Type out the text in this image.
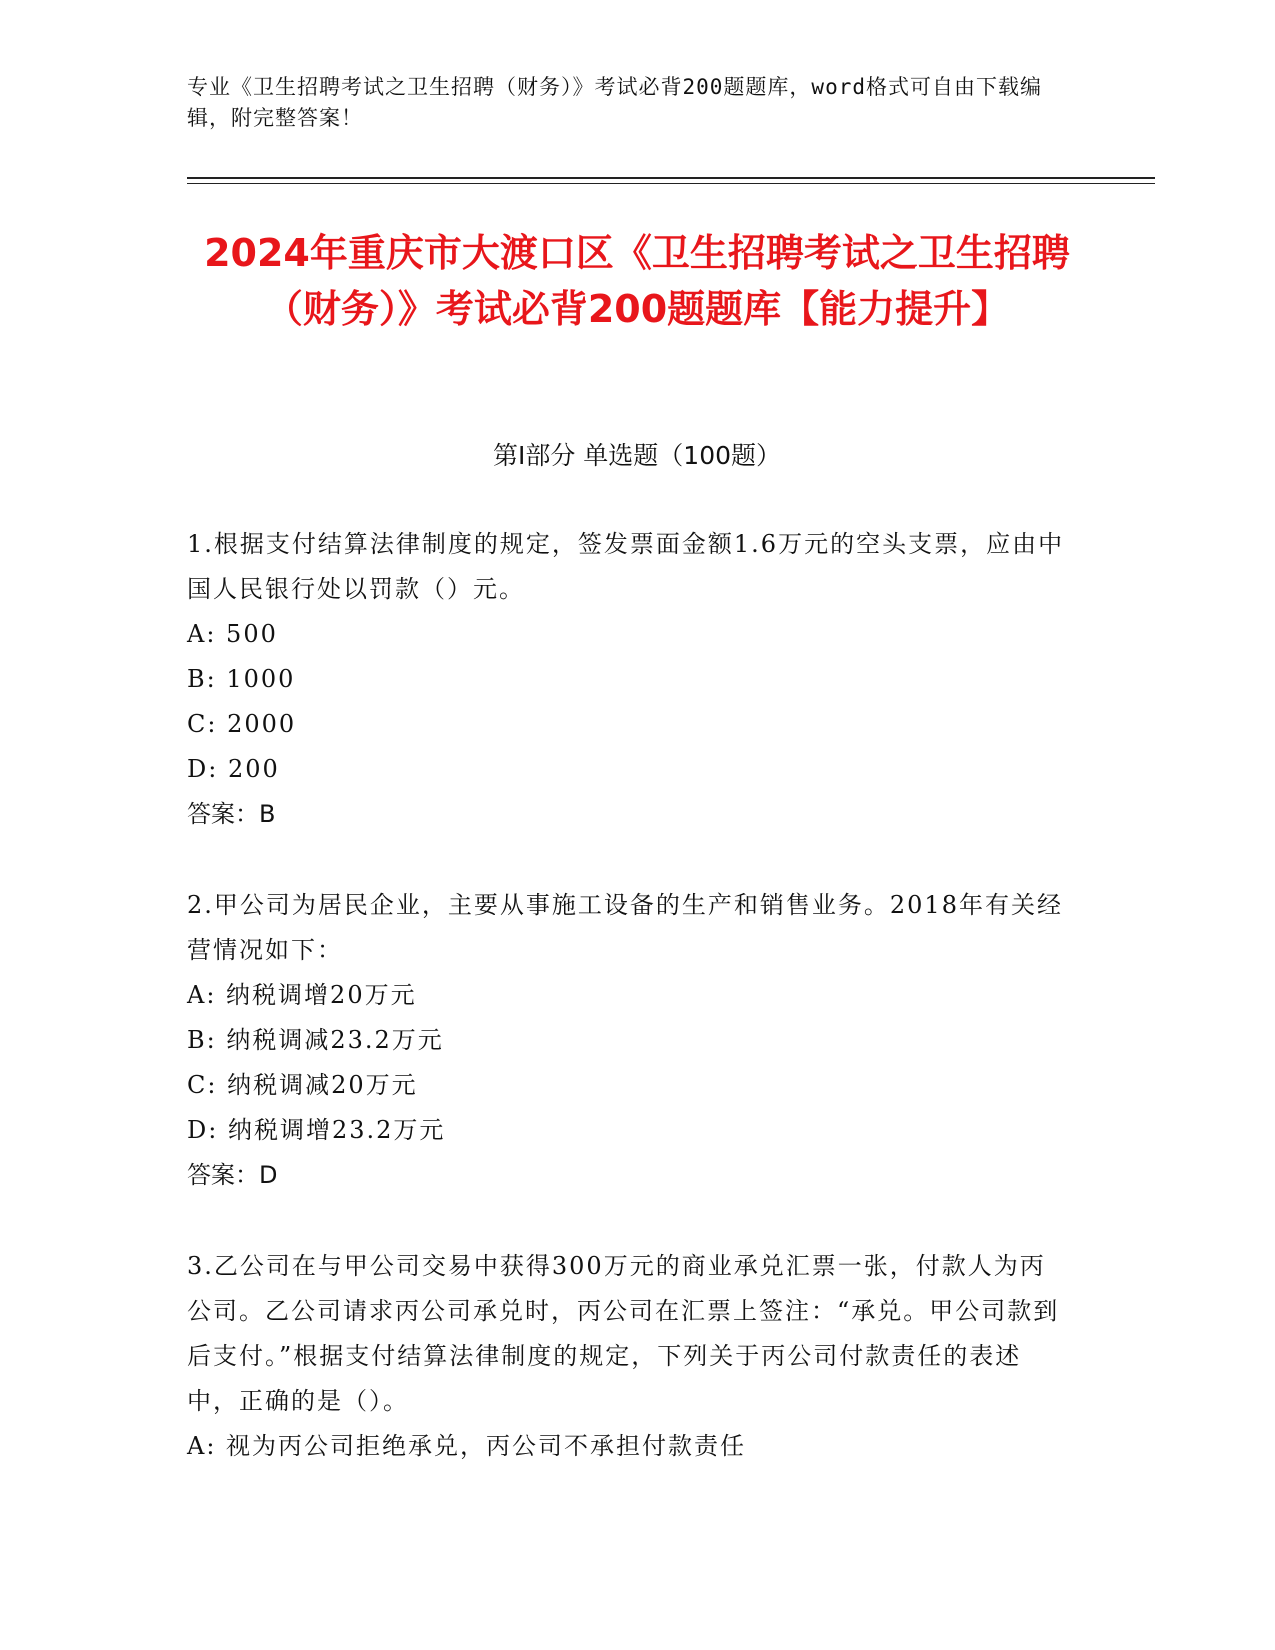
专业《卫生招聘考试之卫生招聘（财务）》考试必背200题题库，word格式可自由下载编辑，附完整答案！

2024年重庆市大渡口区《卫生招聘考试之卫生招聘（财务）》考试必背200题题库【能力提升】
第I部分 单选题（100题）

1.根据支付结算法律制度的规定，签发票面金额1.6万元的空头支票，应由中国人民银行处以罚款（）元。

A: 500

B: 1000

C: 2000

D: 200

答案：B

2.甲公司为居民企业，主要从事施工设备的生产和销售业务。2018年有关经营情况如下：

A: 纳税调增20万元

B: 纳税调减23.2万元

C: 纳税调减20万元

D: 纳税调增23.2万元

答案：D

3.乙公司在与甲公司交易中获得300万元的商业承兑汇票一张，付款人为丙公司。乙公司请求丙公司承兑时，丙公司在汇票上签注：“承兑。甲公司款到后支付。”根据支付结算法律制度的规定，下列关于丙公司付款责任的表述中，正确的是（）。

A: 视为丙公司拒绝承兑，丙公司不承担付款责任
